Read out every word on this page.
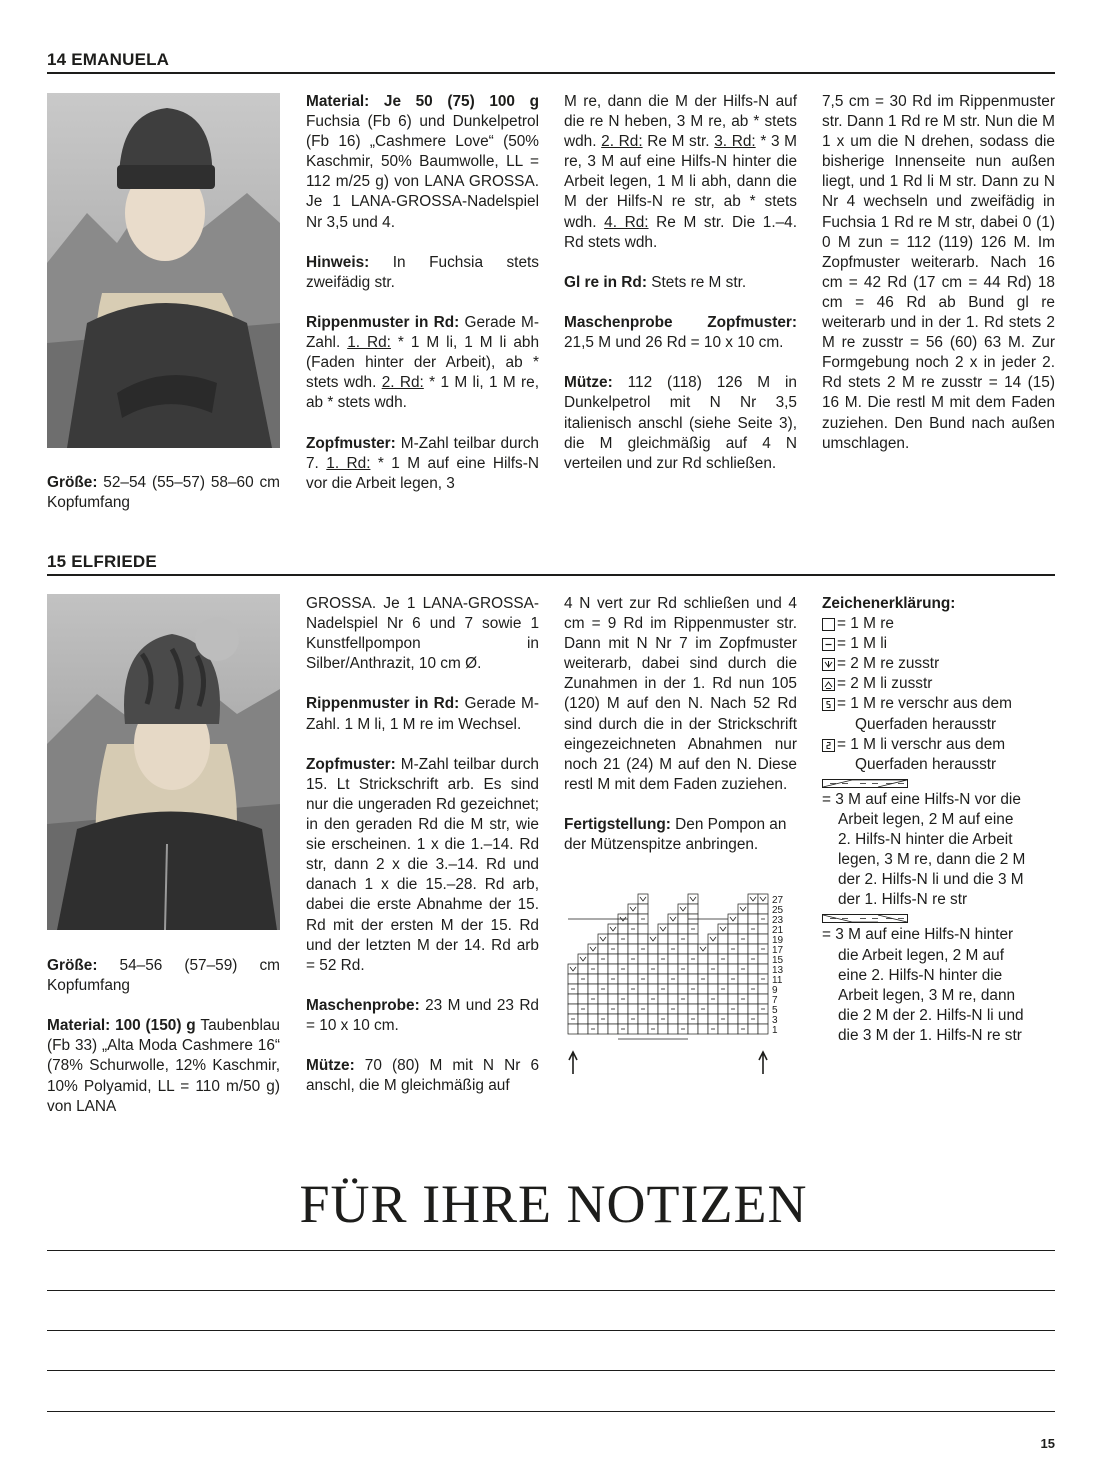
14 EMANUELA

Größe: 52–54 (55–57) 58–60 cm Kopfumfang

Material: Je 50 (75) 100 g Fuchsia (Fb 6) und Dunkelpetrol (Fb 16) „Cashmere Love“ (50% Kaschmir, 50% Baumwolle, LL = 112 m/25 g) von LANA GROSSA. Je 1 LANA-GROSSA-Nadelspiel Nr 3,5 und 4.

Hinweis: In Fuchsia stets zweifädig str.

Rippenmuster in Rd: Gerade M-Zahl. 1. Rd: * 1 M li, 1 M li abh (Faden hinter der Arbeit), ab * stets wdh. 2. Rd: * 1 M li, 1 M re, ab * stets wdh.

Zopfmuster: M-Zahl teilbar durch 7. 1. Rd: * 1 M auf eine Hilfs-N vor die Arbeit legen, 3

M re, dann die M der Hilfs-N auf die re N heben, 3 M re, ab * stets wdh. 2. Rd: Re M str. 3. Rd: * 3 M re, 3 M auf eine Hilfs-N hinter die Arbeit legen, 1 M li abh, dann die M der Hilfs-N re str, ab * stets wdh. 4. Rd: Re M str. Die 1.–4. Rd stets wdh.

Gl re in Rd: Stets re M str.

Maschenprobe Zopfmuster: 21,5 M und 26 Rd = 10 x 10 cm.

Mütze: 112 (118) 126 M in Dunkelpetrol mit N Nr 3,5 italienisch anschl (siehe Seite 3), die M gleichmäßig auf 4 N verteilen und zur Rd schließen.

7,5 cm = 30 Rd im Rippenmuster str. Dann 1 Rd re M str. Nun die M 1 x um die N drehen, sodass die bisherige Innenseite nun außen liegt, und 1 Rd li M str. Dann zu N Nr 4 wechseln und zweifädig in Fuchsia 1 Rd re M str, dabei 0 (1) 0 M zun = 112 (119) 126 M. Im Zopfmuster weiterarb. Nach 16 cm = 42 Rd (17 cm = 44 Rd) 18 cm = 46 Rd ab Bund gl re weiterarb und in der 1. Rd stets 2 M re zusstr = 56 (60) 63 M. Zur Formgebung noch 2 x in jeder 2. Rd stets 2 M re zusstr = 14 (15) 16 M. Die restl M mit dem Faden zuziehen. Den Bund nach außen umschlagen.

15 ELFRIEDE

Größe: 54–56 (57–59) cm Kopfumfang

Material: 100 (150) g Taubenblau (Fb 33) „Alta Moda Cashmere 16“ (78% Schurwolle, 12% Kaschmir, 10% Polyamid, LL = 110 m/50 g) von LANA

GROSSA. Je 1 LANA-GROSSA-Nadelspiel Nr 6 und 7 sowie 1 Kunstfellpompon in Silber/Anthrazit, 10 cm Ø.

Rippenmuster in Rd: Gerade M-Zahl. 1 M li, 1 M re im Wechsel.

Zopfmuster: M-Zahl teilbar durch 15. Lt Strickschrift arb. Es sind nur die ungeraden Rd gezeichnet; in den geraden Rd die M str, wie sie erscheinen. 1 x die 1.–14. Rd str, dann 2 x die 3.–14. Rd und danach 1 x die 15.–28. Rd arb, dabei die erste Abnahme der 15. Rd mit der ersten M der 15. Rd und der letzten M der 14. Rd arb = 52 Rd.

Maschenprobe: 23 M und 23 Rd = 10 x 10 cm.

Mütze: 70 (80) M mit N Nr 6 anschl, die M gleichmäßig auf

4 N vert zur Rd schließen und 4 cm = 9 Rd im Rippenmuster str. Dann mit N Nr 7 im Zopfmuster weiterarb, dabei sind durch die Zunahmen in der 1. Rd nun 105 (120) M auf den N. Nach 52 Rd sind durch die in der Strickschrift eingezeichneten Abnahmen nur noch 21 (24) M auf den N. Diese restl M mit dem Faden zuziehen.

Fertigstellung: Den Pompon an der Mützenspitze anbringen.

27
25
23
21
19
17
15
13
11
9
7
5
3
1
Zeichenerklärung:
= 1 M re
= 1 M li
= 2 M re zusstr
= 2 M li zusstr
= 1 M re verschr aus dem
Querfaden herausstr
= 1 M li verschr aus dem
Querfaden herausstr
= 3 M auf eine Hilfs-N vor die
Arbeit legen, 2 M auf eine
2. Hilfs-N hinter die Arbeit
legen, 3 M re, dann die 2 M
der 2. Hilfs-N li und die 3 M
der 1. Hilfs-N re str
= 3 M auf eine Hilfs-N hinter
die Arbeit legen, 2 M auf
eine 2. Hilfs-N hinter die
Arbeit legen, 3 M re, dann
die 2 M der 2. Hilfs-N li und
die 3 M der 1. Hilfs-N re str
FÜR IHRE NOTIZEN
15
